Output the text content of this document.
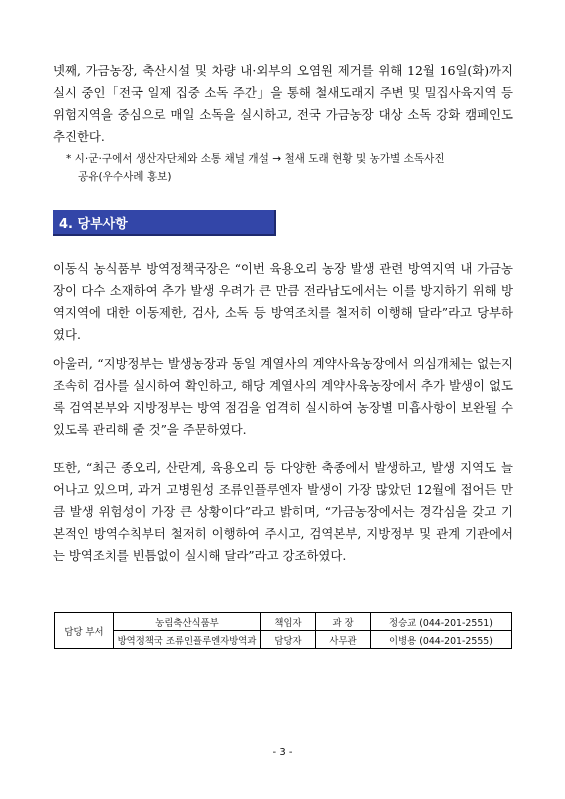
넷째, 가금농장, 축산시설 및 차량 내·외부의 오염원 제거를 위해 12월 16일(화)까지 실시 중인「전국 일제 집중 소독 주간」을 통해 철새도래지 주변 및 밀집사육지역 등 위험지역을 중심으로 매일 소독을 실시하고, 전국 가금농장 대상 소독 강화 캠페인도 추진한다.

* 시·군·구에서 생산자단체와 소통 채널 개설 → 철새 도래 현황 및 농가별 소독사진
공유(우수사례 홍보)
4. 당부사항

이동식 농식품부 방역정책국장은 “이번 육용오리 농장 발생 관련 방역지역 내 가금농장이 다수 소재하여 추가 발생 우려가 큰 만큼 전라남도에서는 이를 방지하기 위해 방역지역에 대한 이동제한, 검사, 소독 등 방역조치를 철저히 이행해 달라”라고 당부하였다.

아울러, “지방정부는 발생농장과 동일 계열사의 계약사육농장에서 의심개체는 없는지 조속히 검사를 실시하여 확인하고, 해당 계열사의 계약사육농장에서 추가 발생이 없도록 검역본부와 지방정부는 방역 점검을 엄격히 실시하여 농장별 미흡사항이 보완될 수 있도록 관리해 줄 것”을 주문하였다.

또한, “최근 종오리, 산란계, 육용오리 등 다양한 축종에서 발생하고, 발생 지역도 늘어나고 있으며, 과거 고병원성 조류인플루엔자 발생이 가장 많았던 12월에 접어든 만큼 발생 위험성이 가장 큰 상황이다”라고 밝히며, “가금농장에서는 경각심을 갖고 기본적인 방역수칙부터 철저히 이행하여 주시고, 검역본부, 지방정부 및 관계 기관에서는 방역조치를 빈틈없이 실시해 달라”라고 강조하였다.

담당 부서	농림축산식품부	책임자	과 장	정승교 (044-201-2551)
	방역정책국 조류인플루엔자방역과	담당자	사무관	이병용 (044-201-2555)
- 3 -
